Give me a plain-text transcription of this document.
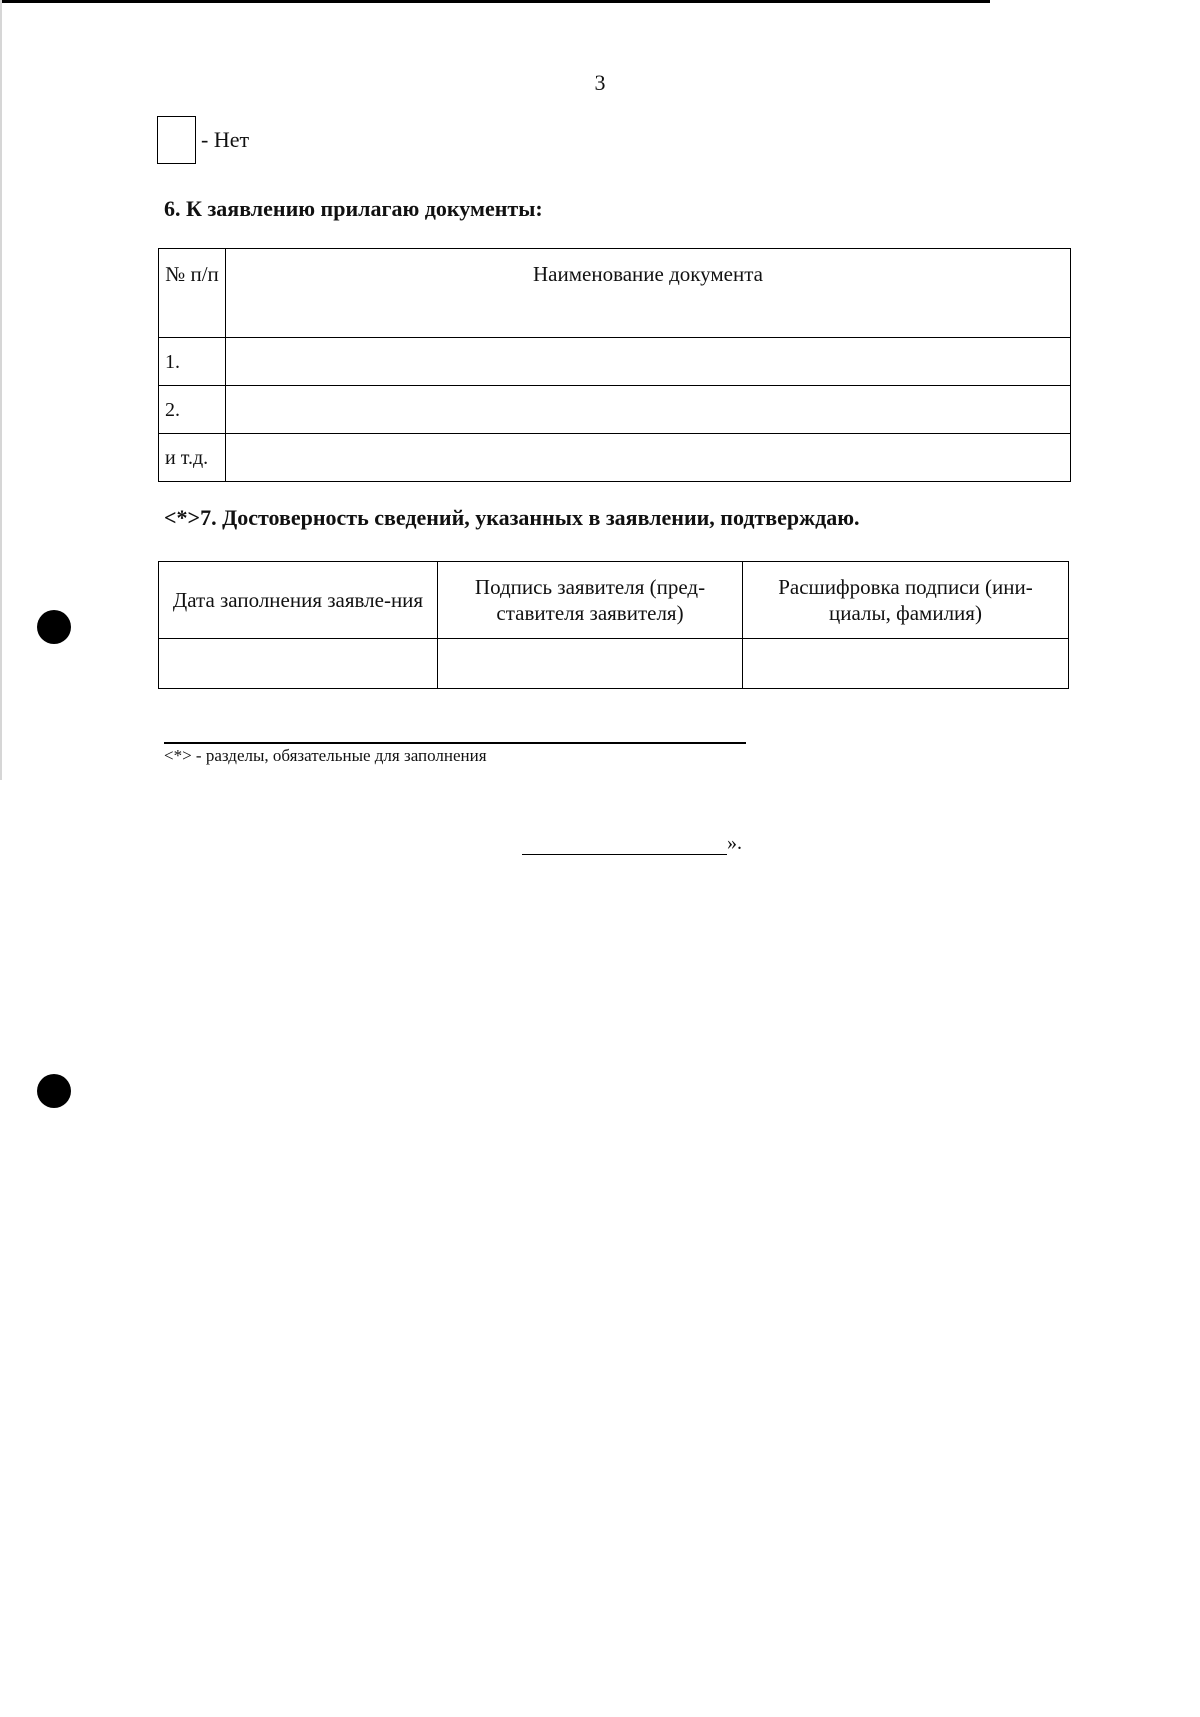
3
- Нет
6. К заявлению прилагаю документы:
№ п/п	Наименование документа
1.	
2.	
и т.д.	
<*>7. Достоверность сведений, указанных в заявлении, подтверждаю.
Дата заполнения заявле-ния	Подпись заявителя (пред-ставителя заявителя)	Расшифровка подписи (ини-циалы, фамилия)

<*> - разделы, обязательные для заполнения
».
